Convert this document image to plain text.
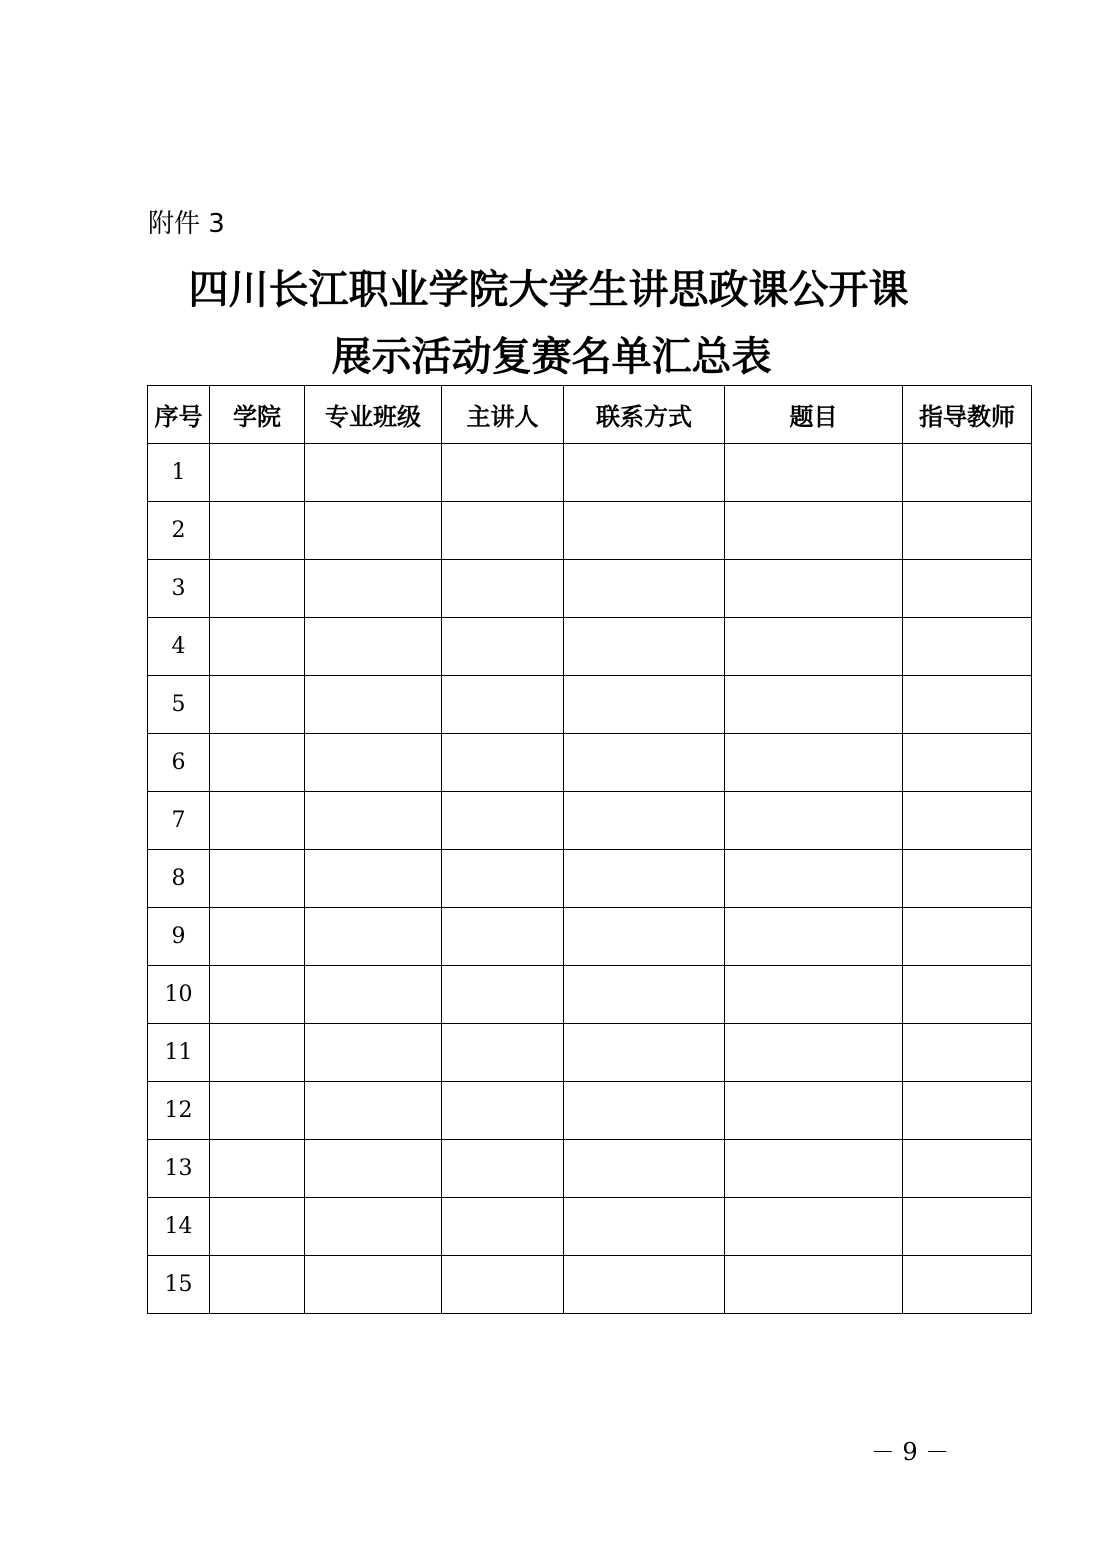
附件 3
四川长江职业学院大学生讲思政课公开课
展示活动复赛名单汇总表
序号	学院	专业班级	主讲人	联系方式	题目	指导教师
1						
2						
3						
4						
5						
6						
7						
8						
9						
10						
11						
12						
13						
14						
15						
－ 9 －
